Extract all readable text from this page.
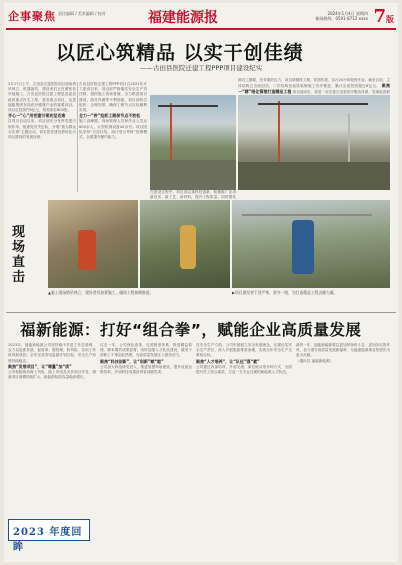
企事聚焦 责任编辑 / 美术编辑 / 校对	福建能源报	2024年1月4日 星期四
新闻热线：0591-8712 xxxx 7版
以匠心筑精品 以实干创佳绩
——古田县医院迁建工程PPP项目建设纪实
2月17日上午，古田县迁建医院项目现场塔吊林立，机器轰鸣，建设者们正在紧张有序地施工。古田县医院迁建工程是县委县政府重点民生工程，是省重点项目，也是福能集团布局医疗健康产业的重要项目。项目总投资约9亿元，规划床位800张。
齐心一“心”用党建引领攻坚克难
自项目启动以来，项目部充分发挥党建引领作用，组建党员突击队，开展“我为群众办实事”主题活动，切实把党建优势转化为项目建设的发展优势。
古田县医院迁建工程PPP项目自2021年开工建设以来，项目部严格落实安全生产责任制，狠抓施工现场管理，全力推进项目建设。面对汛期等不利因素，项目部科学组织、合理安排，确保工程节点目标顺利实现。
全力一“拼”抢抓工期保节点不放松
施工高峰期，现场管理人员和作业人员达600余人，大型机械设备40余台。项目团队坚持“日清日结、周计划月考核”管理模式，全面提升履约能力。
在建设过程中，项目部注重科技创新，积极推广应用新技术、新工艺、新材料，提升工程质量。同时强化
面对工期紧、任务重的压力，项目部倒排工期、挂图作战，实行24小时轮班作业。截至目前，主体结构已全面封顶，二次结构及装饰装修施工有序推进，累计完成投资超过6亿元。 聚焦一“精”细化管理打造精品工程 项目建成后，将进一步完善古田县医疗服务体系，显著改善群
现场直击
▲施工现场塔吊林立，建设者们加紧施工，确保工程按期推进。	▶项目建设者不畏严寒，坚守一线，为打造精品工程贡献力量。
福新能源：打好“组合拳”，赋能企业高质量发展
2023年，福能新能源公司坚持稳中求进工作总基调，全力以赴抓发展、促改革、强管理、防风险，各项工作取得新成效。全年完成发电量超计划目标，安全生产形势持续稳定。
聚焦“发展项目”，让“增量”加“质”
公司积极推动海上风电、陆上风电及光伏项目开发，储备项目规模持续扩大，新能源装机容量稳步增长。
过去一年，公司深化改革，完善制度体系，推进精益管理，降本增效成果显著。同时加强人才队伍建设，激发干部职工干事创业热情，为高质量发展注入强劲动力。
聚焦“科技创新”，让“创新”赋“能”
公司加大科技研发投入，推进智慧风场建设，提升设备运维效率，多项科技成果获得省部级奖项。
在安全生产方面，公司牢固树立安全发展理念，压紧压实安全生产责任，深入开展隐患排查治理，实现全年安全生产无事故目标。
聚焦“人才培养”，让“队伍”强“素”
公司通过内部培训、外部交流、岗位练兵等多种方式，全面提升员工综合素质，打造一支专业过硬的新能源人才队伍。
新的一年，福能新能源将以更加昂扬的斗志、更加务实的作风，奋力谱写高质量发展新篇章，为福建能源事业发展作出更大贡献。
（通讯员 福能新能源）
2023 年度回眸
